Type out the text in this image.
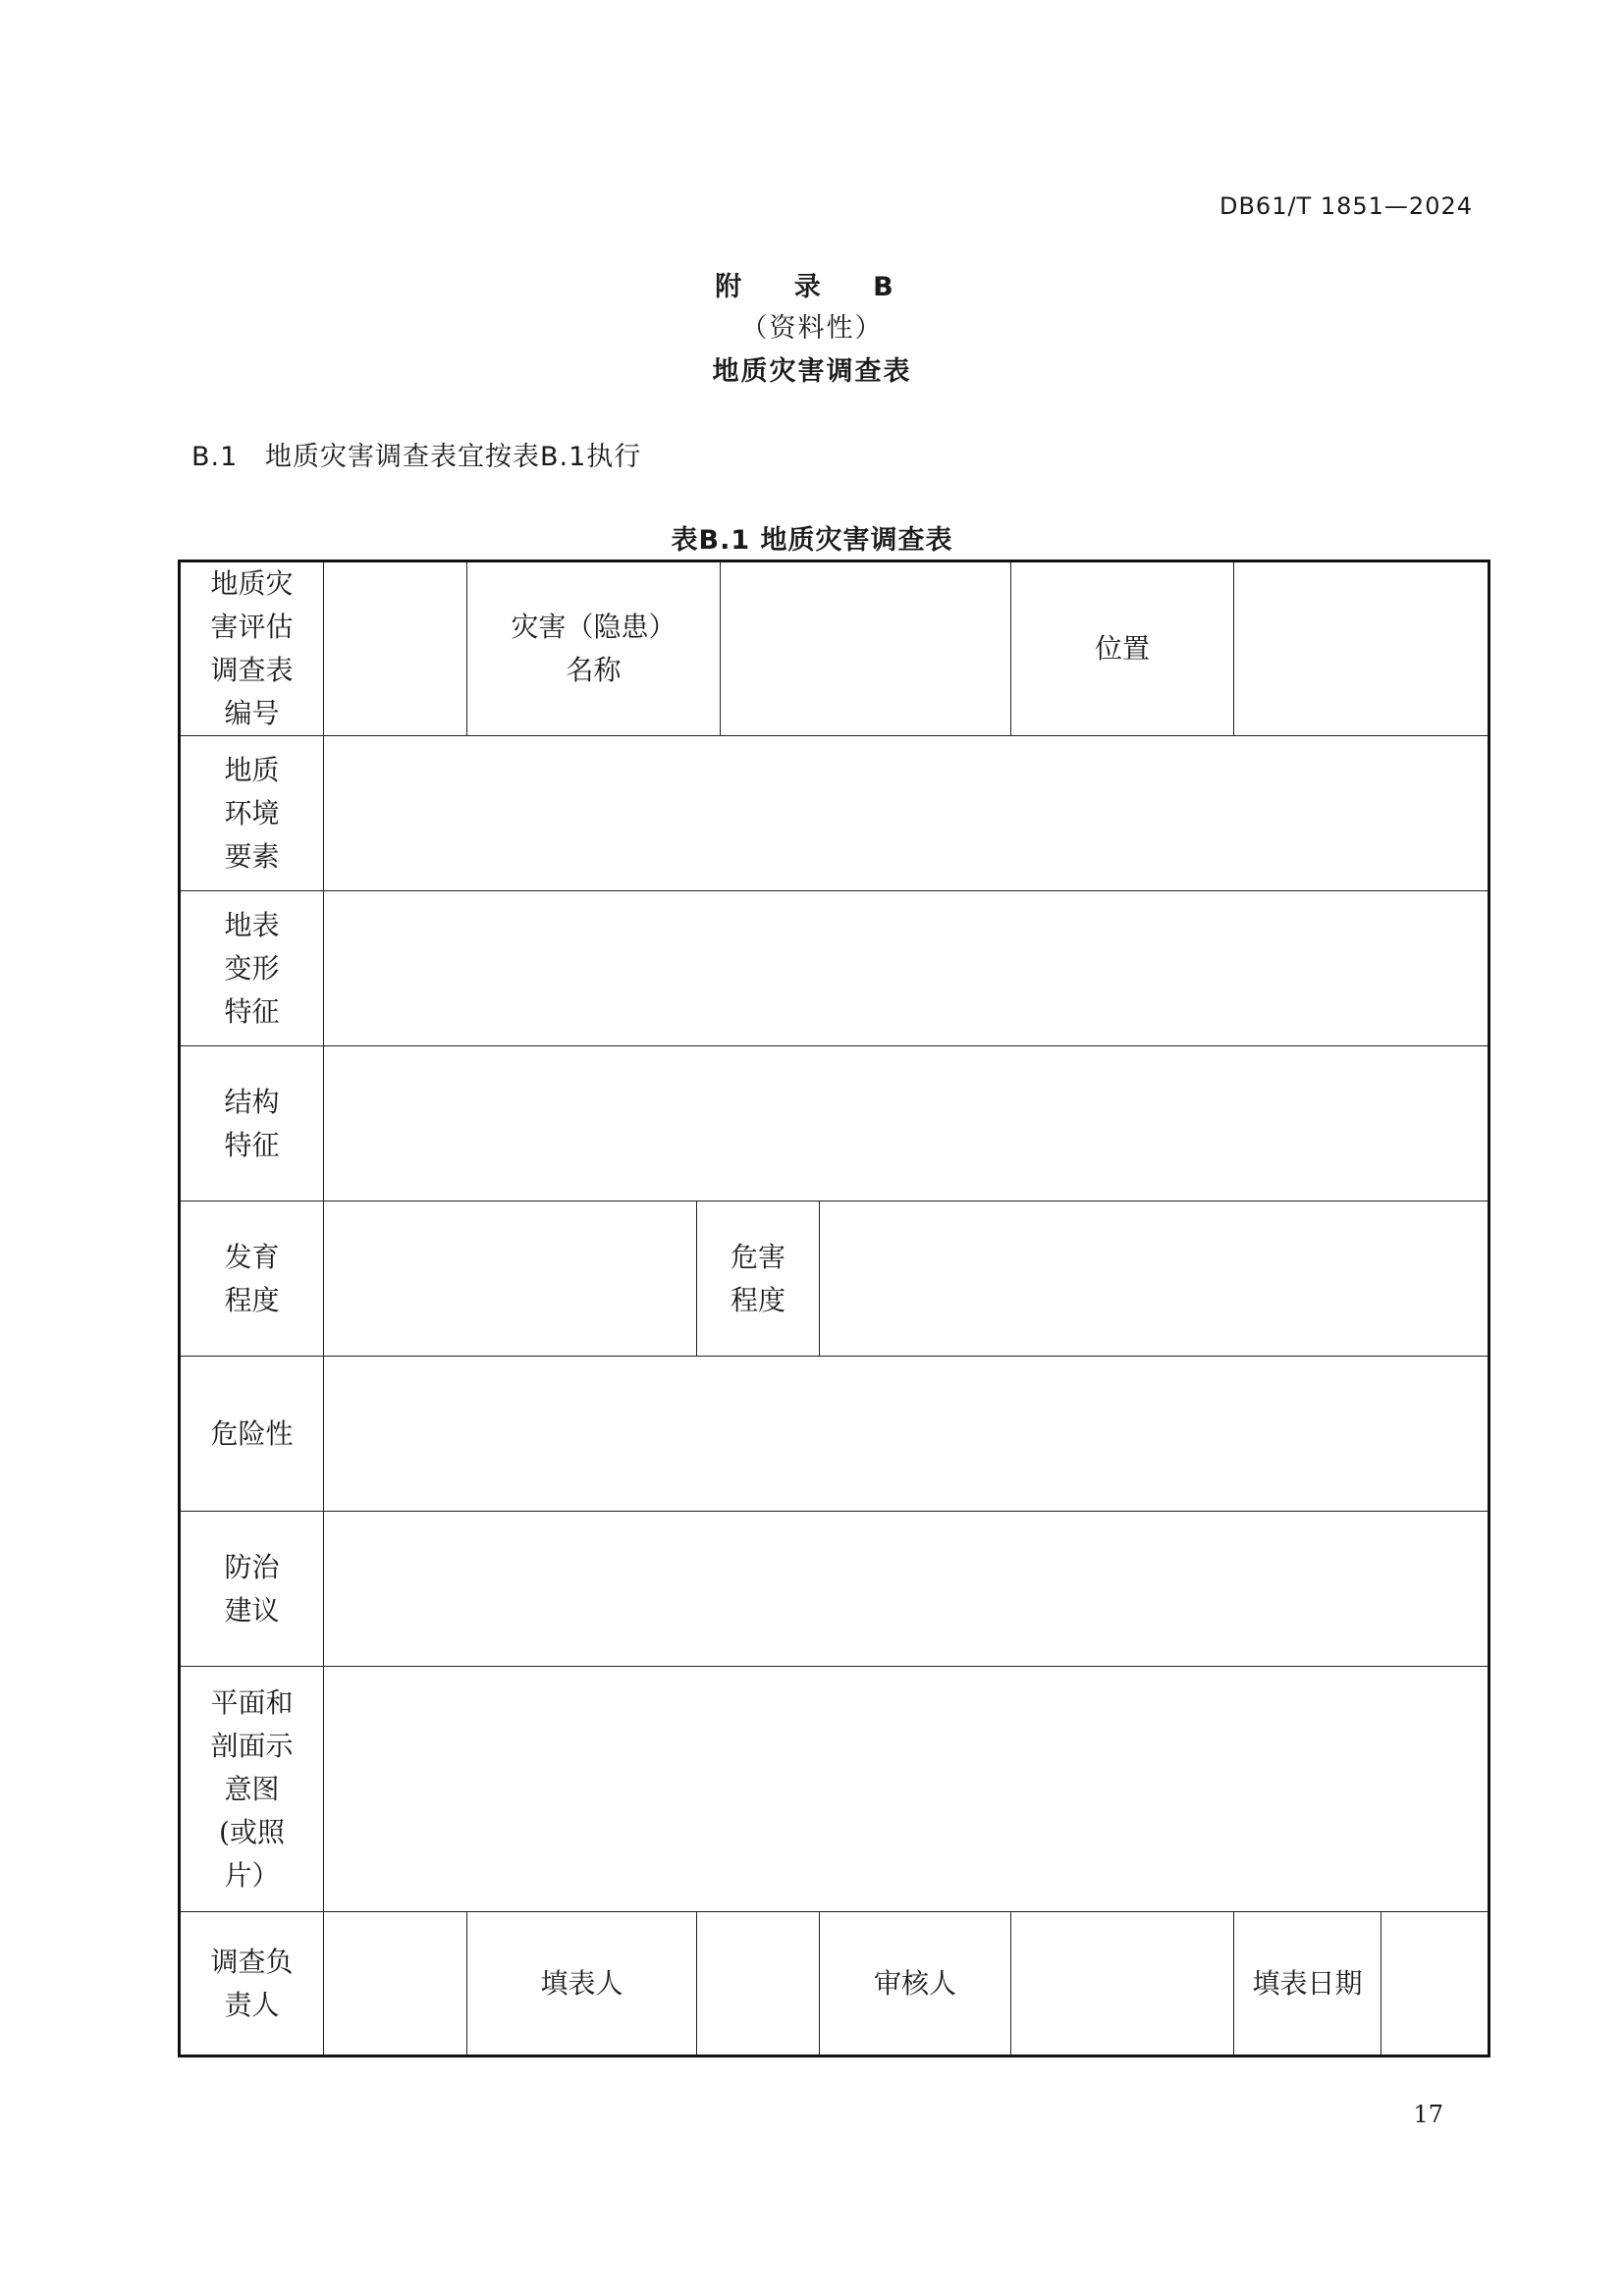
DB61/T 1851—2024
附 录 B
（资料性）
地质灾害调查表
B.1 地质灾害调查表宜按表B.1执行
表B.1 地质灾害调查表
地质灾害评估调查表编号		灾害（隐患）名称				位置		
地质环境要素								
地表变形特征								
结构特征								
发育程度			危害程度					
危险性								
防治建议								
平面和剖面示意图(或照片）								
调查负责人		填表人			审核人		填表日期	
17
